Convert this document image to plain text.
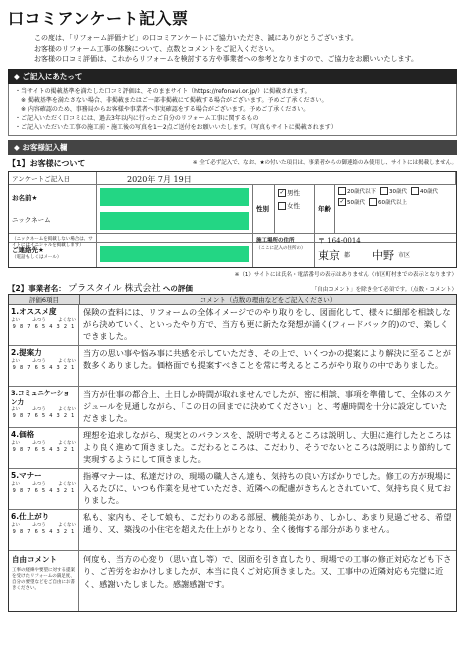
口コミアンケート記入票
この度は、「リフォーム評価ナビ」の口コミアンケートにご協力いただき、誠にありがとうございます。
お客様のリフォーム工事の体験について、点数とコメントをご記入ください。
お客様の口コミ評価は、これからリフォームを検討する方や事業者への参考となりますので、ご協力をお願いいたします。
◆ ご記入にあたって
・当サイトの掲載基準を満たした口コミ評価は、そのままサイト（https://refonavi.or.jp/）に掲載されます。
　※ 掲載基準を満たさない場合、非掲載またはご一部非掲載にて掲載する場合がございます。予めご了承ください。
　※ 内容確認のため、事務局からお客様や事業者へ事実確認をする場合がございます。予めご了承ください。
・ご記入いただく口コミには、過去3年以内に行ったご自分のリフォーム工事に関するもの
・ご記入いただいた工事の施工前・施工後の写真を1～2点ご送付をお願いいたします。（写真もサイトに掲載されます）
◆ お客様記入欄
【1】お客様について	※ 全て必ず記入で、なお、★の付いた項目は、事業者からの御連絡のみ使用し、サイトには掲載しません。
アンケートご記入日	2020年 7月 19日
お名前★
ニックネーム
性別
✓ 男性
女性	年齢
20歳代以下	30歳代	40歳代
✓ 50歳代	60歳代以上
（ニックネームを掲載しない場合は、サイトにはイニシャルを掲載します）
施工場所の住所	〒 164-0014
ご連絡先★
（電話もしくはメール）
（ここに記入の住所の）
東京 都 中野 市区
※（1）サイトには氏名・電話番号の表示はありません（市区町村までの表示となります）
【2】事業者名： プラスタイル 株式会社 への評価	「自由コメント」を除き全て必須です。（点数・コメント）
評価6項目	コメント（点数の理由などをご記入ください）
1.オススメ度
よい	ふつう	よくない
9 8 7 6 5 4 3 2 1
保険の査料には、リフォームの全体イメージでのやり取りをし、図面化して、様々に細部を相談しながら決めていく、といったやり方で、当方も更に新たな発想が涌く(フィードバック的)ので、楽しくできました。
2.提案力
よい	ふつう	よくない
9 8 7 6 5 4 3 2 1
当方の思い事や悩み事に共感を示していただき、その上で、いくつかの提案により解決に至ることが数多くありました。価格面でも提案すべきことを常に考えるところがやり取りの中でありました。
3.コミュニケーション力
よい	ふつう	よくない
9 8 7 6 5 4 3 2 1
当方が仕事の都合上、土日しか時間が取れませんでしたが、密に相談、事項を準備して、全体のスケジュールを見通しながら、「この日の回までに決めてください」と、考慮時間を十分に設定していただきました。
4.価格
よい	ふつう	よくない
9 8 7 6 5 4 3 2 1
理想を追求しながら、現実とのバランスを、説明で考えるところは説明し、大胆に進行したところはより良く進めて頂きました。こだわるところは、こだわり、そうでないところは説明により節約して実現するようにして頂きました。
5.マナー
よい	ふつう	よくない
9 8 7 6 5 4 3 2 1
指導マナーは、私達だけの、現場の職人さん達も、気持ちの良い方ばかりでした。修工の方が現場に入るたびに、いつも作業を見せていただき、近隣への配慮がきちんとされていて、気持ち良く見ておりました。
6.仕上がり
よい	ふつう	よくない
9 8 7 6 5 4 3 2 1
私も、家内も、そして娘も、こだわりのある部屋、機能美があり、しかし、あまり見過ごせる、希望通り、又、築浅の小住宅を超えた仕上がりとなり、全く後悔する部分がありません。
自由コメント
工事の経緯や要望に対する提案を受けたリフォームの満足度、自分の要望などをご自由にお書きください。
何度も、当方の心変り（思い直し等）で、図面を引き直したり、現場での工事の修正対応なども下さり、ご苦労をおかけしましたが、本当に良くご対応頂きました。又、工事中の近隣対応も完璧に近く、感謝いたしました。感謝感謝です。
